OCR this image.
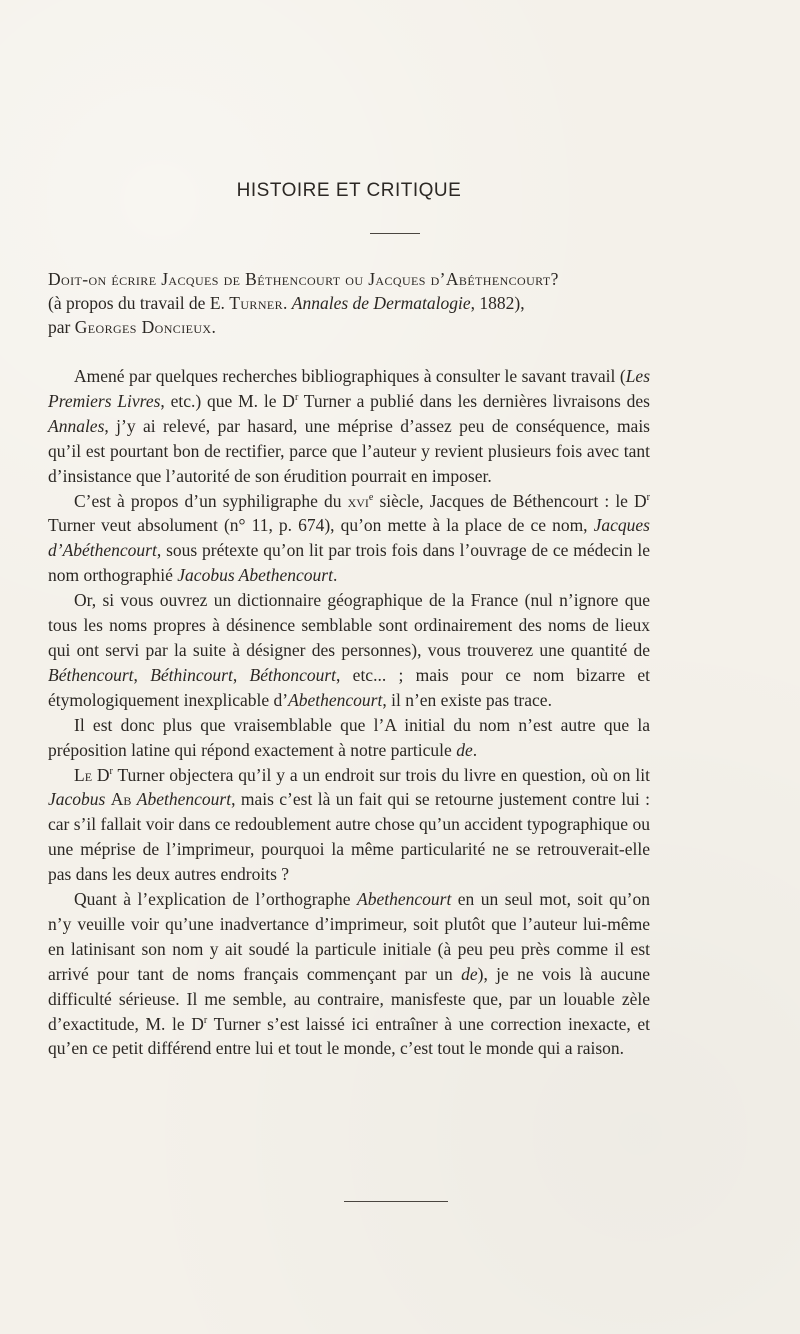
HISTOIRE ET CRITIQUE
Doit-on écrire Jacques de Béthencourt ou Jacques d’Abéthencourt?
(à propos du travail de E. Turner. Annales de Dermatalogie, 1882),
par Georges Doncieux.

Amené par quelques recherches bibliographiques à consulter le savant travail (Les Premiers Livres, etc.) que M. le $D^r$ Turner a publié dans les dernières livraisons des Annales, j’y ai relevé, par hasard, une méprise d’assez peu de conséquence, mais qu’il est pourtant bon de rectifier, parce que l’auteur y revient plusieurs fois avec tant d’insistance que l’autorité de son érudition pourrait en imposer.

C’est à propos d’un syphiligraphe du xvi$^e$ siècle, Jacques de Béthencourt : le $D^r$ Turner veut absolument (n° 11, p. 674), qu’on mette à la place de ce nom, Jacques d’Abéthencourt, sous prétexte qu’on lit par trois fois dans l’ouvrage de ce médecin le nom orthographié Jacobus Abethencourt.

Or, si vous ouvrez un dictionnaire géographique de la France (nul n’ignore que tous les noms propres à désinence semblable sont ordinairement des noms de lieux qui ont servi par la suite à désigner des personnes), vous trouverez une quantité de Béthencourt, Béthincourt, Béthoncourt, etc... ; mais pour ce nom bizarre et étymologiquement inexplicable d’Abethencourt, il n’en existe pas trace.

Il est donc plus que vraisemblable que l’A initial du nom n’est autre que la préposition latine qui répond exactement à notre particule de.

Le $D^r$ Turner objectera qu’il y a un endroit sur trois du livre en question, où on lit Jacobus Ab Abethencourt, mais c’est là un fait qui se retourne justement contre lui : car s’il fallait voir dans ce redoublement autre chose qu’un accident typographique ou une méprise de l’imprimeur, pourquoi la même particularité ne se retrouverait-elle pas dans les deux autres endroits ?

Quant à l’explication de l’orthographe Abethencourt en un seul mot, soit qu’on n’y veuille voir qu’une inadvertance d’imprimeur, soit plutôt que l’auteur lui-même en latinisant son nom y ait soudé la particule initiale (à peu peu près comme il est arrivé pour tant de noms français commençant par un de), je ne vois là aucune difficulté sérieuse. Il me semble, au contraire, manisfeste que, par un louable zèle d’exactitude, M. le $D^r$ Turner s’est laissé ici entraîner à une correction inexacte, et qu’en ce petit différend entre lui et tout le monde, c’est tout le monde qui a raison.
